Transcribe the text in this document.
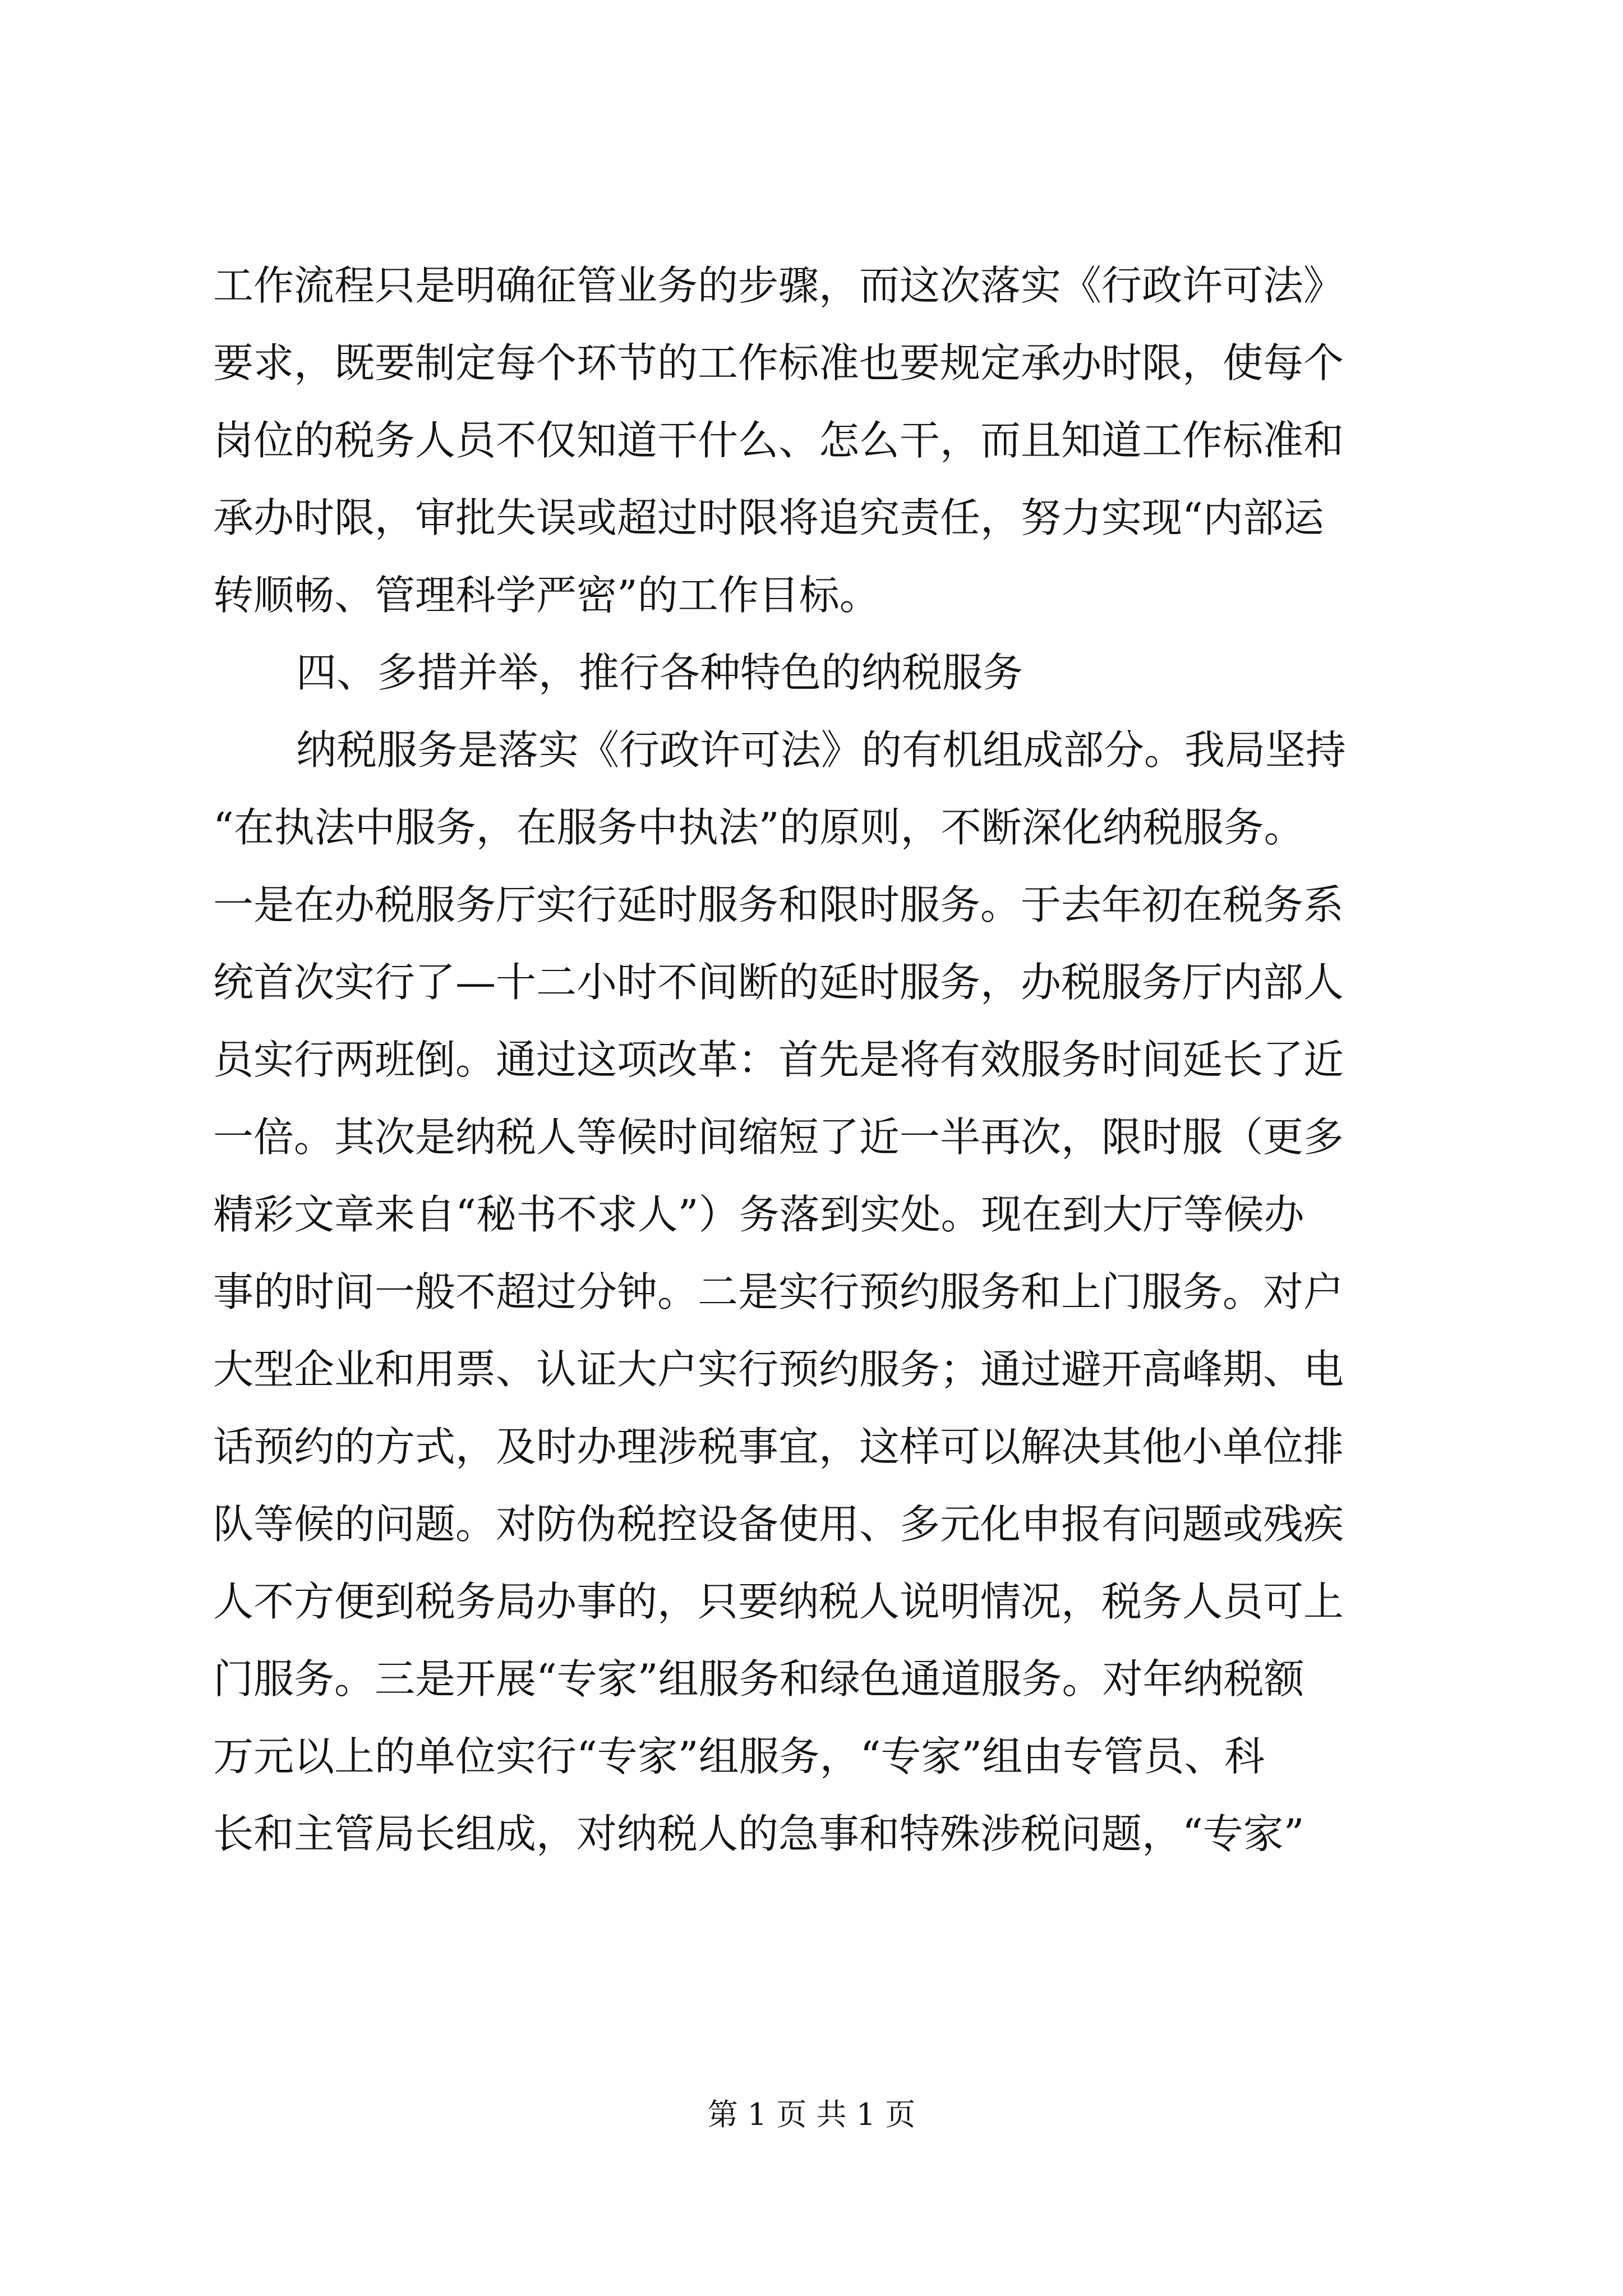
工作流程只是明确征管业务的步骤，而这次落实《行政许可法》
要求，既要制定每个环节的工作标准也要规定承办时限，使每个
岗位的税务人员不仅知道干什么、怎么干，而且知道工作标准和
承办时限，审批失误或超过时限将追究责任，努力实现“内部运
转顺畅、管理科学严密”的工作目标。
四、多措并举，推行各种特色的纳税服务
纳税服务是落实《行政许可法》的有机组成部分。我局坚持
“在执法中服务，在服务中执法”的原则，不断深化纳税服务。
一是在办税服务厅实行延时服务和限时服务。于去年初在税务系
统首次实行了—十二小时不间断的延时服务，办税服务厅内部人
员实行两班倒。通过这项改革：首先是将有效服务时间延长了近
一倍。其次是纳税人等候时间缩短了近一半再次，限时服（更多
精彩文章来自“秘书不求人”）务落到实处。现在到大厅等候办
事的时间一般不超过分钟。二是实行预约服务和上门服务。对户
大型企业和用票、认证大户实行预约服务；通过避开高峰期、电
话预约的方式，及时办理涉税事宜，这样可以解决其他小单位排
队等候的问题。对防伪税控设备使用、多元化申报有问题或残疾
人不方便到税务局办事的，只要纳税人说明情况，税务人员可上
门服务。三是开展“专家”组服务和绿色通道服务。对年纳税额
万元以上的单位实行“专家”组服务，“专家”组由专管员、科
长和主管局长组成，对纳税人的急事和特殊涉税问题，“专家”
第 1 页 共 1 页
